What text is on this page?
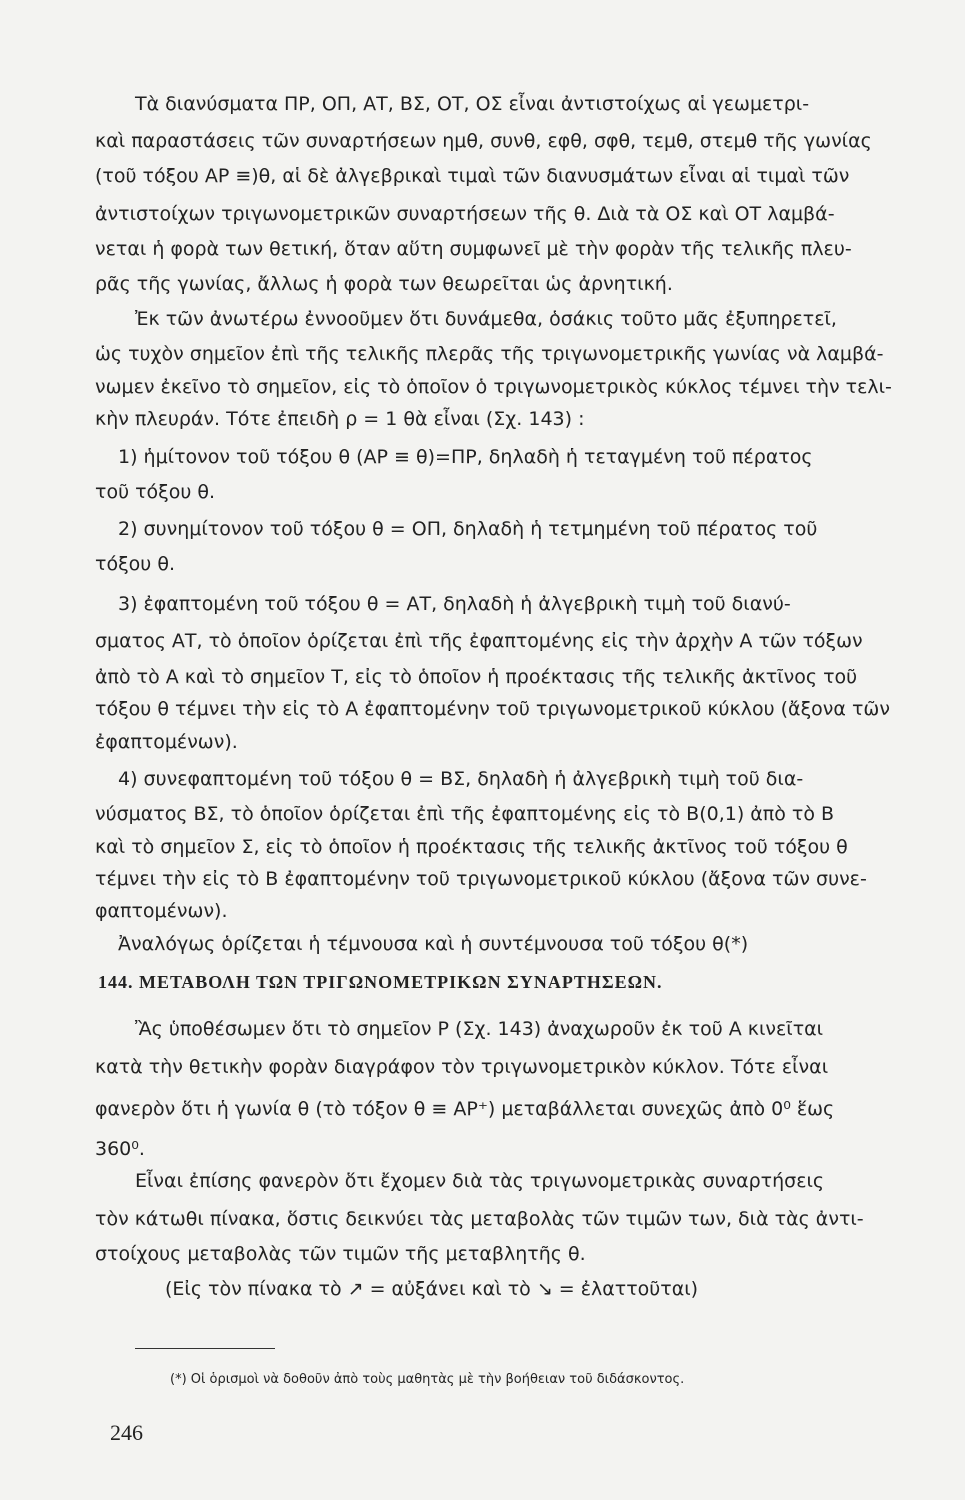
Τὰ διανύσματα ΠΡ, ΟΠ, ΑΤ, ΒΣ, ΟΤ, ΟΣ εἶναι ἀντιστοίχως αἱ γεωμετρι-
καὶ παραστάσεις τῶν συναρτήσεων ημθ, συνθ, εφθ, σφθ, τεμθ, στεμθ τῆς γωνίας
(τοῦ τόξου ΑΡ ≡)θ, αἱ δὲ ἀλγεβρικαὶ τιμαὶ τῶν διανυσμάτων εἶναι αἱ τιμαὶ τῶν
ἀντιστοίχων τριγωνομετρικῶν συναρτήσεων τῆς θ. Διὰ τὰ ΟΣ καὶ ΟΤ λαμβά-
νεται ἡ φορὰ των θετική, ὅταν αὕτη συμφωνεῖ μὲ τὴν φορὰν τῆς τελικῆς πλευ-
ρᾶς τῆς γωνίας, ἄλλως ἡ φορὰ των θεωρεῖται ὡς ἀρνητική.
Ἐκ τῶν ἀνωτέρω ἐννοοῦμεν ὅτι δυνάμεθα, ὁσάκις τοῦτο μᾶς ἐξυπηρετεῖ,
ὡς τυχὸν σημεῖον ἐπὶ τῆς τελικῆς πλερᾶς τῆς τριγωνομετρικῆς γωνίας νὰ λαμβά-
νωμεν ἐκεῖνο τὸ σημεῖον, εἰς τὸ ὁποῖον ὁ τριγωνομετρικὸς κύκλος τέμνει τὴν τελι-
κὴν πλευράν. Τότε ἐπειδὴ ρ = 1 θὰ εἶναι (Σχ. 143) :
1) ἡμίτονον τοῦ τόξου θ (ΑΡ ≡ θ)=ΠΡ, δηλαδὴ ἡ τεταγμένη τοῦ πέρατος
τοῦ τόξου θ.
2) συνημίτονον τοῦ τόξου θ = ΟΠ, δηλαδὴ ἡ τετμημένη τοῦ πέρατος τοῦ
τόξου θ.
3) ἐφαπτομένη τοῦ τόξου θ = ΑΤ, δηλαδὴ ἡ ἀλγεβρικὴ τιμὴ τοῦ διανύ-
σματος ΑΤ, τὸ ὁποῖον ὁρίζεται ἐπὶ τῆς ἐφαπτομένης εἰς τὴν ἀρχὴν Α τῶν τόξων
ἀπὸ τὸ Α καὶ τὸ σημεῖον Τ, εἰς τὸ ὁποῖον ἡ προέκτασις τῆς τελικῆς ἀκτῖνος τοῦ
τόξου θ τέμνει τὴν εἰς τὸ Α ἐφαπτομένην τοῦ τριγωνομετρικοῦ κύκλου (ἄξονα τῶν
ἐφαπτομένων).
4) συνεφαπτομένη τοῦ τόξου θ = ΒΣ, δηλαδὴ ἡ ἀλγεβρικὴ τιμὴ τοῦ δια-
νύσματος ΒΣ, τὸ ὁποῖον ὁρίζεται ἐπὶ τῆς ἐφαπτομένης εἰς τὸ Β(0,1) ἀπὸ τὸ Β
καὶ τὸ σημεῖον Σ, εἰς τὸ ὁποῖον ἡ προέκτασις τῆς τελικῆς ἀκτῖνος τοῦ τόξου θ
τέμνει τὴν εἰς τὸ Β ἐφαπτομένην τοῦ τριγωνομετρικοῦ κύκλου (ἄξονα τῶν συνε-
φαπτομένων).
Ἀναλόγως ὁρίζεται ἡ τέμνουσα καὶ ἡ συντέμνουσα τοῦ τόξου θ(*)
144. ΜΕΤΑΒΟΛΗ ΤΩΝ ΤΡΙΓΩΝΟΜΕΤΡΙΚΩΝ ΣΥΝΑΡΤΗΣΕΩΝ.
Ἂς ὑποθέσωμεν ὅτι τὸ σημεῖον Ρ (Σχ. 143) ἀναχωροῦν ἐκ τοῦ Α κινεῖται
κατὰ τὴν θετικὴν φορὰν διαγράφον τὸν τριγωνομετρικὸν κύκλον. Τότε εἶναι
φανερὸν ὅτι ἡ γωνία θ (τὸ τόξον θ ≡ ΑΡ⁺) μεταβάλλεται συνεχῶς ἀπὸ 0⁰ ἕως
360⁰.
Εἶναι ἐπίσης φανερὸν ὅτι ἔχομεν διὰ τὰς τριγωνομετρικὰς συναρτήσεις
τὸν κάτωθι πίνακα, ὅστις δεικνύει τὰς μεταβολὰς τῶν τιμῶν των, διὰ τὰς ἀντι-
στοίχους μεταβολὰς τῶν τιμῶν τῆς μεταβλητῆς θ.
(Εἰς τὸν πίνακα τὸ ↗ = αὐξάνει καὶ τὸ ↘ = ἐλαττοῦται)
(*) Οἱ ὁρισμοὶ νὰ δοθοῦν ἀπὸ τοὺς μαθητὰς μὲ τὴν βοήθειαν τοῦ διδάσκοντος.
246
